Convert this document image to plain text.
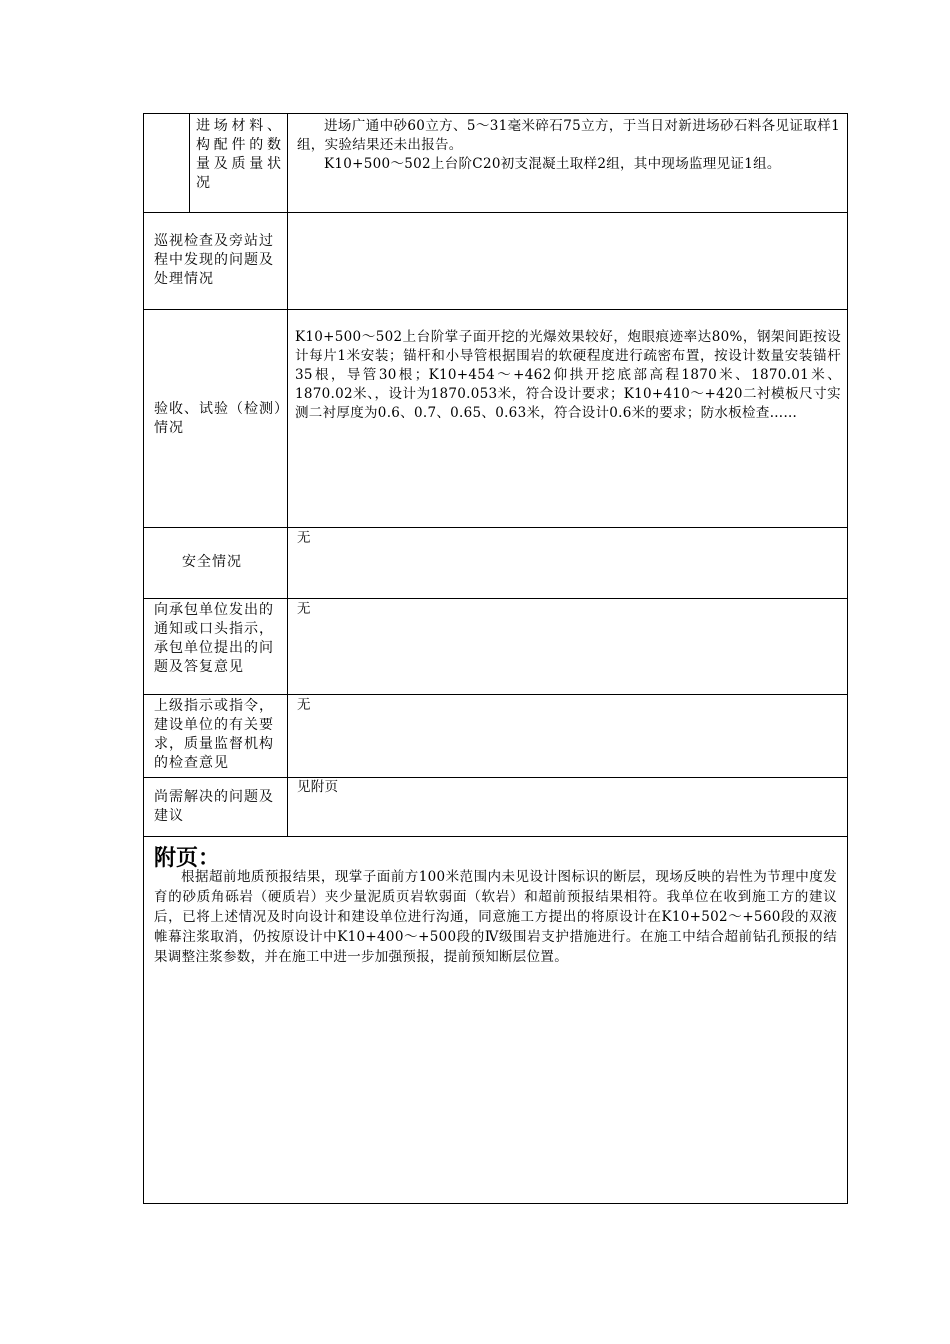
进场材料、构配件的数量及质量状况

进场广通中砂60立方、5～31毫米碎石75立方，于当日对新进场砂石料各见证取样1组，实验结果还未出报告。

K10+500～502上台阶C20初支混凝土取样2组，其中现场监理见证1组。

巡视检查及旁站过程中发现的问题及处理情况
验收、试验（检测）情况
K10+500～502上台阶掌子面开挖的光爆效果较好，炮眼痕迹率达80%，钢架间距按设计每片1米安装；锚杆和小导管根据围岩的软硬程度进行疏密布置，按设计数量安装锚杆35根，导管30根；K10+454～+462仰拱开挖底部高程1870米、1870.01米、1870.02米、，设计为1870.053米，符合设计要求；K10+410～+420二衬模板尺寸实测二衬厚度为0.6、0.7、0.65、0.63米，符合设计0.6米的要求；防水板检查……
安全情况
无
向承包单位发出的通知或口头指示，承包单位提出的问题及答复意见
无
上级指示或指令，建设单位的有关要求，质量监督机构的检查意见
无
尚需解决的问题及建议
见附页
附页：

根据超前地质预报结果，现掌子面前方100米范围内未见设计图标识的断层，现场反映的岩性为节理中度发育的砂质角砾岩（硬质岩）夹少量泥质页岩软弱面（软岩）和超前预报结果相符。我单位在收到施工方的建议后，已将上述情况及时向设计和建设单位进行沟通，同意施工方提出的将原设计在K10+502～+560段的双液帷幕注浆取消，仍按原设计中K10+400～+500段的Ⅳ级围岩支护措施进行。在施工中结合超前钻孔预报的结果调整注浆参数，并在施工中进一步加强预报，提前预知断层位置。
